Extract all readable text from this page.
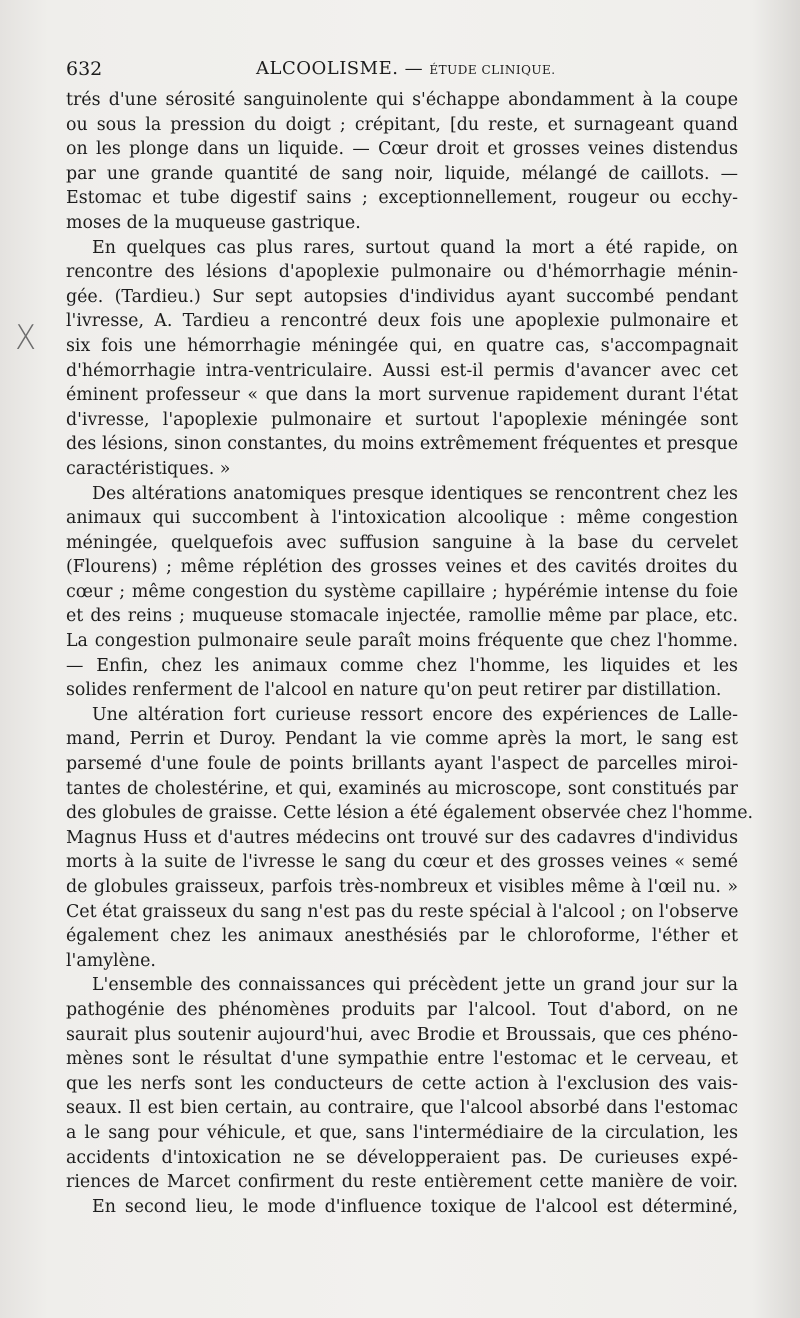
632	ALCOOLISME. — ÉTUDE CLINIQUE.
X
trés d'une sérosité sanguinolente qui s'échappe abondamment à la coupe
ou sous la pression du doigt ; crépitant, [du reste, et surnageant quand
on les plonge dans un liquide. — Cœur droit et grosses veines distendus
par une grande quantité de sang noir, liquide, mélangé de caillots. —
Estomac et tube digestif sains ; exceptionnellement, rougeur ou ecchy-
moses de la muqueuse gastrique.
En quelques cas plus rares, surtout quand la mort a été rapide, on
rencontre des lésions d'apoplexie pulmonaire ou d'hémorrhagie ménin-
gée. (Tardieu.) Sur sept autopsies d'individus ayant succombé pendant
l'ivresse, A. Tardieu a rencontré deux fois une apoplexie pulmonaire et
six fois une hémorrhagie méningée qui, en quatre cas, s'accompagnait
d'hémorrhagie intra-ventriculaire. Aussi est-il permis d'avancer avec cet
éminent professeur « que dans la mort survenue rapidement durant l'état
d'ivresse, l'apoplexie pulmonaire et surtout l'apoplexie méningée sont
des lésions, sinon constantes, du moins extrêmement fréquentes et presque
caractéristiques. »
Des altérations anatomiques presque identiques se rencontrent chez les
animaux qui succombent à l'intoxication alcoolique : même congestion
méningée, quelquefois avec suffusion sanguine à la base du cervelet
(Flourens) ; même réplétion des grosses veines et des cavités droites du
cœur ; même congestion du système capillaire ; hypérémie intense du foie
et des reins ; muqueuse stomacale injectée, ramollie même par place, etc.
La congestion pulmonaire seule paraît moins fréquente que chez l'homme.
— Enfin, chez les animaux comme chez l'homme, les liquides et les
solides renferment de l'alcool en nature qu'on peut retirer par distillation.
Une altération fort curieuse ressort encore des expériences de Lalle-
mand, Perrin et Duroy. Pendant la vie comme après la mort, le sang est
parsemé d'une foule de points brillants ayant l'aspect de parcelles miroi-
tantes de cholestérine, et qui, examinés au microscope, sont constitués par
des globules de graisse. Cette lésion a été également observée chez l'homme.
Magnus Huss et d'autres médecins ont trouvé sur des cadavres d'individus
morts à la suite de l'ivresse le sang du cœur et des grosses veines « semé
de globules graisseux, parfois très-nombreux et visibles même à l'œil nu. »
Cet état graisseux du sang n'est pas du reste spécial à l'alcool ; on l'observe
également chez les animaux anesthésiés par le chloroforme, l'éther et
l'amylène.
L'ensemble des connaissances qui précèdent jette un grand jour sur la
pathogénie des phénomènes produits par l'alcool. Tout d'abord, on ne
saurait plus soutenir aujourd'hui, avec Brodie et Broussais, que ces phéno-
mènes sont le résultat d'une sympathie entre l'estomac et le cerveau, et
que les nerfs sont les conducteurs de cette action à l'exclusion des vais-
seaux. Il est bien certain, au contraire, que l'alcool absorbé dans l'estomac
a le sang pour véhicule, et que, sans l'intermédiaire de la circulation, les
accidents d'intoxication ne se développeraient pas. De curieuses expé-
riences de Marcet confirment du reste entièrement cette manière de voir.
En second lieu, le mode d'influence toxique de l'alcool est déterminé,
